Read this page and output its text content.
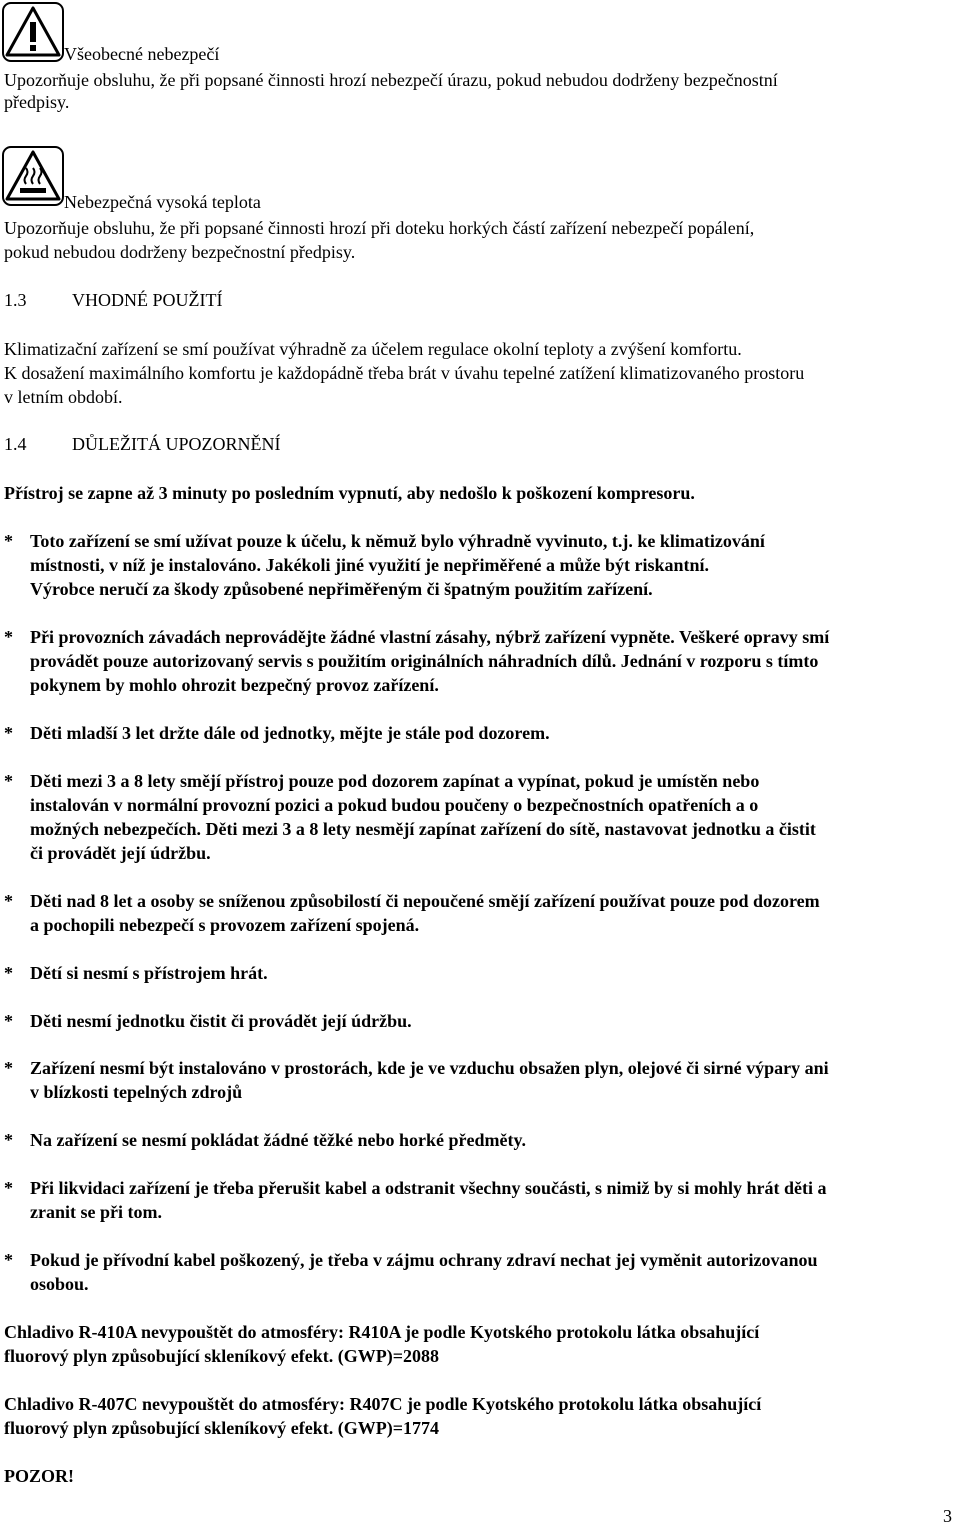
Všeobecné nebezpečí
Upozorňuje obsluhu, že při popsané činnosti hrozí nebezpečí úrazu, pokud nebudou dodrženy bezpečnostní
předpisy.
Nebezpečná vysoká teplota
Upozorňuje obsluhu, že při popsané činnosti hrozí při doteku horkých částí zařízení nebezpečí popálení,
pokud nebudou dodrženy bezpečnostní předpisy.
1.3	VHODNÉ POUŽITÍ
Klimatizační zařízení se smí používat výhradně za účelem regulace okolní teploty a zvýšení komfortu.
K dosažení maximálního komfortu je každopádně třeba brát v úvahu tepelné zatížení klimatizovaného prostoru
v letním období.
1.4	DŮLEŽITÁ UPOZORNĚNÍ
Přístroj se zapne až 3 minuty po posledním vypnutí, aby nedošlo k poškození kompresoru.
* Toto zařízení se smí užívat pouze k účelu, k němuž bylo výhradně vyvinuto, t.j. ke klimatizování
místnosti, v níž je instalováno. Jakékoli jiné využití je nepřiměřené a může být riskantní.
Výrobce neručí za škody způsobené nepřiměřeným či špatným použitím zařízení.
* Při provozních závadách neprovádějte žádné vlastní zásahy, nýbrž zařízení vypněte. Veškeré opravy smí
provádět pouze autorizovaný servis s použitím originálních náhradních dílů. Jednání v rozporu s tímto
pokynem by mohlo ohrozit bezpečný provoz zařízení.
* Děti mladší 3 let držte dále od jednotky, mějte je stále pod dozorem.
* Děti mezi 3 a 8 lety smějí přístroj pouze pod dozorem zapínat a vypínat, pokud je umístěn nebo
instalován v normální provozní pozici a pokud budou poučeny o bezpečnostních opatřeních a o
možných nebezpečích. Děti mezi 3 a 8 lety nesmějí zapínat zařízení do sítě, nastavovat jednotku a čistit
či provádět její údržbu.
* Děti nad 8 let a osoby se sníženou způsobilostí či nepoučené smějí zařízení používat pouze pod dozorem
a pochopili nebezpečí s provozem zařízení spojená.
* Dětí si nesmí s přístrojem hrát.
* Děti nesmí jednotku čistit či provádět její údržbu.
* Zařízení nesmí být instalováno v prostorách, kde je ve vzduchu obsažen plyn, olejové či sirné výpary ani
v blízkosti tepelných zdrojů
* Na zařízení se nesmí pokládat žádné těžké nebo horké předměty.
* Při likvidaci zařízení je třeba přerušit kabel a odstranit všechny součásti, s nimiž by si mohly hrát děti a
zranit se při tom.
* Pokud je přívodní kabel poškozený, je třeba v zájmu ochrany zdraví nechat jej vyměnit autorizovanou
osobou.
Chladivo R-410A nevypouštět do atmosféry: R410A je podle Kyotského protokolu látka obsahující
fluorový plyn způsobující skleníkový efekt. (GWP)=2088
Chladivo R-407C nevypouštět do atmosféry: R407C je podle Kyotského protokolu látka obsahující
fluorový plyn způsobující skleníkový efekt. (GWP)=1774
POZOR!
3
